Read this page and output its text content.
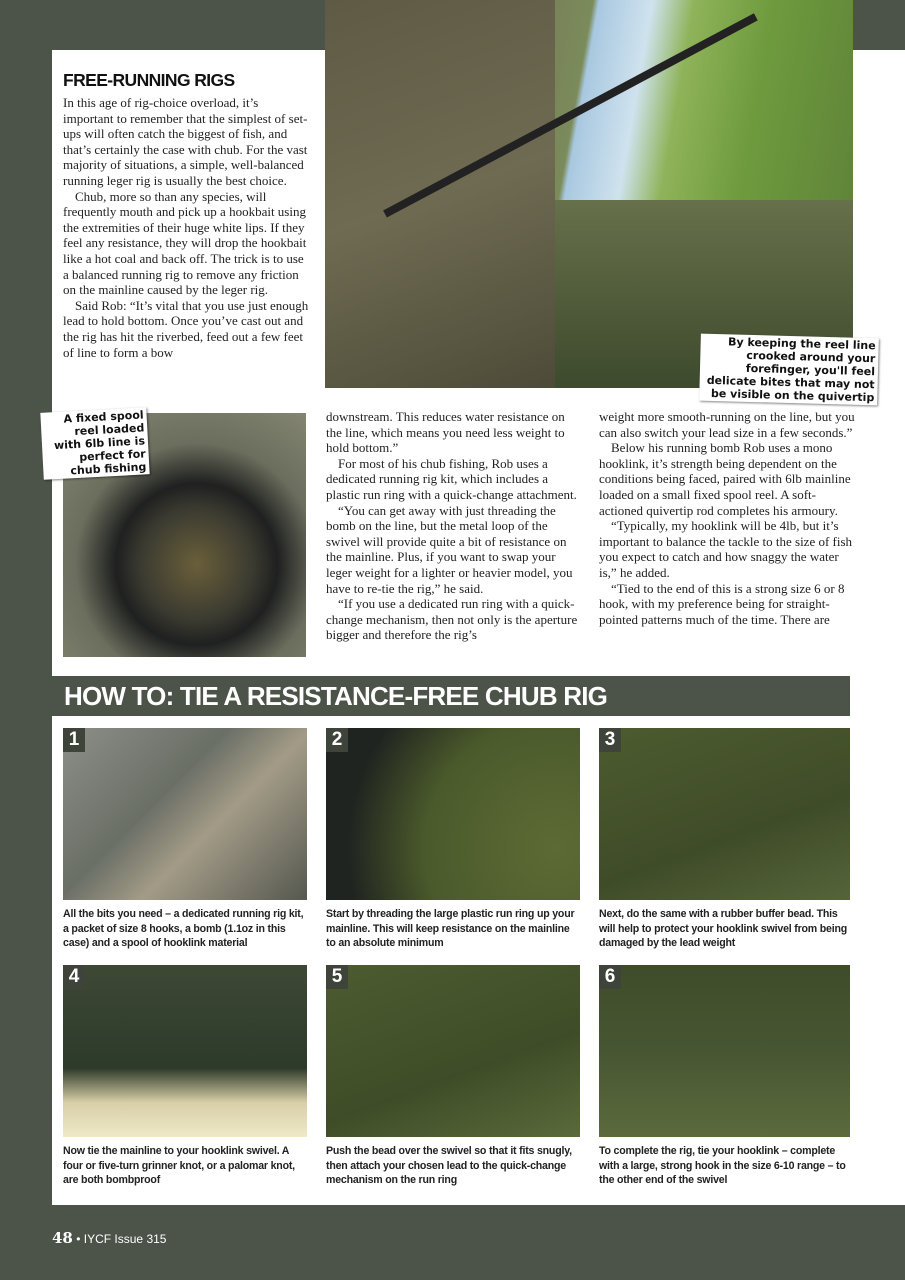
By keeping the reel line crooked around your forefinger, you'll feel delicate bites that may not be visible on the quivertip
FREE-RUNNING RIGS

In this age of rig-choice overload, it’s important to remember that the simplest of set-ups will often catch the biggest of fish, and that’s certainly the case with chub. For the vast majority of situations, a simple, well-balanced running leger rig is usually the best choice.

Chub, more so than any species, will frequently mouth and pick up a hookbait using the extremities of their huge white lips. If they feel any resistance, they will drop the hookbait like a hot coal and back off. The trick is to use a balanced running rig to remove any friction on the mainline caused by the leger rig.

Said Rob: “It’s vital that you use just enough lead to hold bottom. Once you’ve cast out and the rig has hit the riverbed, feed out a few feet of line to form a bow

A fixed spool reel loaded with 6lb line is perfect for chub fishing

downstream. This reduces water resistance on the line, which means you need less weight to hold bottom.”

For most of his chub fishing, Rob uses a dedicated running rig kit, which includes a plastic run ring with a quick-change attachment.

“You can get away with just threading the bomb on the line, but the metal loop of the swivel will provide quite a bit of resistance on the mainline. Plus, if you want to swap your leger weight for a lighter or heavier model, you have to re-tie the rig,” he said.

“If you use a dedicated run ring with a quick-change mechanism, then not only is the aperture bigger and therefore the rig’s

weight more smooth-running on the line, but you can also switch your lead size in a few seconds.”

Below his running bomb Rob uses a mono hooklink, it’s strength being dependent on the conditions being faced, paired with 6lb mainline loaded on a small fixed spool reel. A soft-actioned quivertip rod completes his armoury.

“Typically, my hooklink will be 4lb, but it’s important to balance the tackle to the size of fish you expect to catch and how snaggy the water is,” he added.

“Tied to the end of this is a strong size 6 or 8 hook, with my preference being for straight-pointed patterns much of the time. There are

HOW TO: TIE A RESISTANCE-FREE CHUB RIG
1
All the bits you need – a dedicated running rig kit, a packet of size 8 hooks, a bomb (1.1oz in this case) and a spool of hooklink material
2
Start by threading the large plastic run ring up your mainline. This will keep resistance on the mainline to an absolute minimum
3
Next, do the same with a rubber buffer bead. This will help to protect your hooklink swivel from being damaged by the lead weight
4
Now tie the mainline to your hooklink swivel. A four or five-turn grinner knot, or a palomar knot, are both bombproof
5
Push the bead over the swivel so that it fits snugly, then attach your chosen lead to the quick-change mechanism on the run ring
6
To complete the rig, tie your hooklink – complete with a large, strong hook in the size 6-10 range – to the other end of the swivel
48 • IYCF Issue 315
